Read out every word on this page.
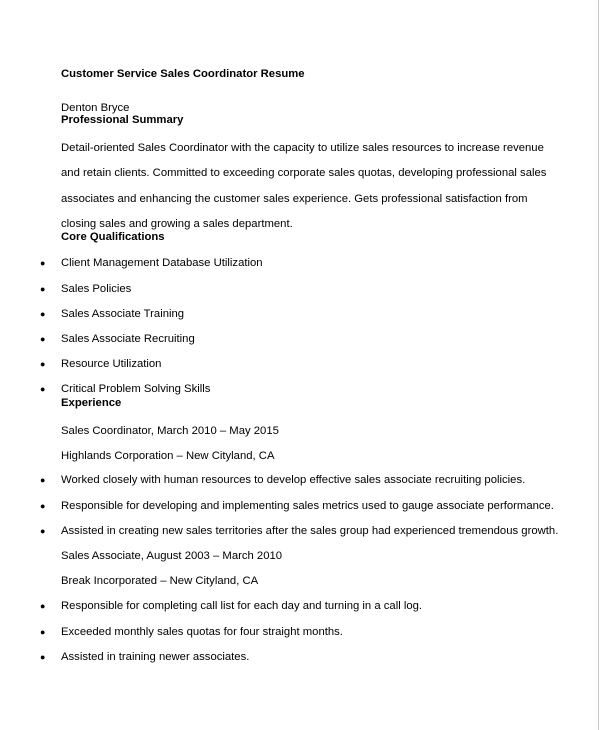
Customer Service Sales Coordinator Resume
Denton Bryce
Professional Summary
Detail-oriented Sales Coordinator with the capacity to utilize sales resources to increase revenue
and retain clients. Committed to exceeding corporate sales quotas, developing professional sales
associates and enhancing the customer sales experience. Gets professional satisfaction from
closing sales and growing a sales department.
Core Qualifications
● Client Management Database Utilization
● Sales Policies
● Sales Associate Training
● Sales Associate Recruiting
● Resource Utilization
● Critical Problem Solving Skills
Experience
Sales Coordinator, March 2010 – May 2015
Highlands Corporation – New Cityland, CA
● Worked closely with human resources to develop effective sales associate recruiting policies.
● Responsible for developing and implementing sales metrics used to gauge associate performance.
● Assisted in creating new sales territories after the sales group had experienced tremendous growth.
Sales Associate, August 2003 – March 2010
Break Incorporated – New Cityland, CA
● Responsible for completing call list for each day and turning in a call log.
● Exceeded monthly sales quotas for four straight months.
● Assisted in training newer associates.
